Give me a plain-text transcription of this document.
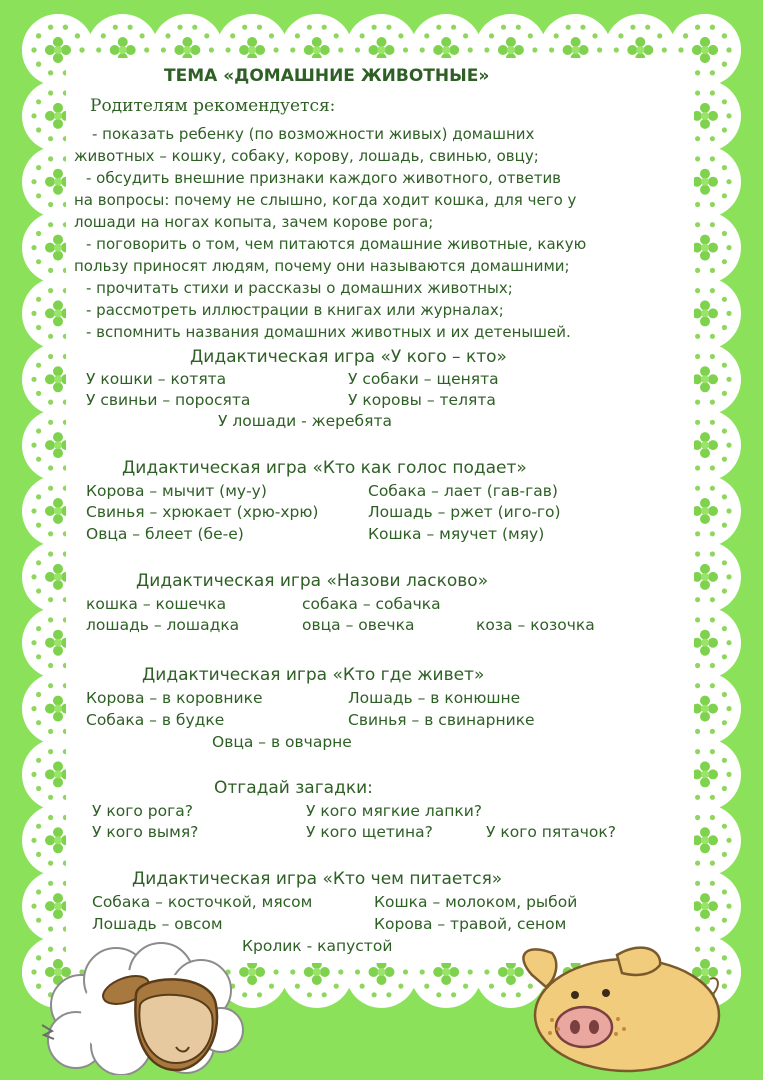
ТЕМА «ДОМАШНИЕ ЖИВОТНЫЕ»
Родителям рекомендуется:
- показать ребенку (по возможности живых) домашних
животных – кошку, собаку, корову, лошадь, свинью, овцу;
- обсудить внешние признаки каждого животного, ответив
на вопросы: почему не слышно, когда ходит кошка, для чего у
лошади на ногах копыта, зачем корове рога;
- поговорить о том, чем питаются домашние животные, какую
пользу приносят людям, почему они называются домашними;
- прочитать стихи и рассказы о домашних животных;
- рассмотреть иллюстрации в книгах или журналах;
- вспомнить названия домашних животных и их детенышей.
Дидактическая игра «У кого – кто»
У кошки – котята	У собаки – щенята
У свиньи – поросята	У коровы – телята
У лошади - жеребята
Дидактическая игра «Кто как голос подает»
Корова – мычит (му-у)	Собака – лает (гав-гав)
Свинья – хрюкает (хрю-хрю)	Лошадь – ржет (иго-го)
Овца – блеет (бе-е)	Кошка – мяучет (мяу)
Дидактическая игра «Назови ласково»
кошка – кошечка	собака – собачка
лошадь – лошадка	овца – овечка	коза – козочка
Дидактическая игра «Кто где живет»
Корова – в коровнике	Лошадь – в конюшне
Собака – в будке	Свинья – в свинарнике
Овца – в овчарне
Отгадай загадки:
У кого рога?	У кого мягкие лапки?
У кого вымя?	У кого щетина?	У кого пятачок?
Дидактическая игра «Кто чем питается»
Собака – косточкой, мясом	Кошка – молоком, рыбой
Лошадь – овсом	Корова – травой, сеном
Кролик - капустой
